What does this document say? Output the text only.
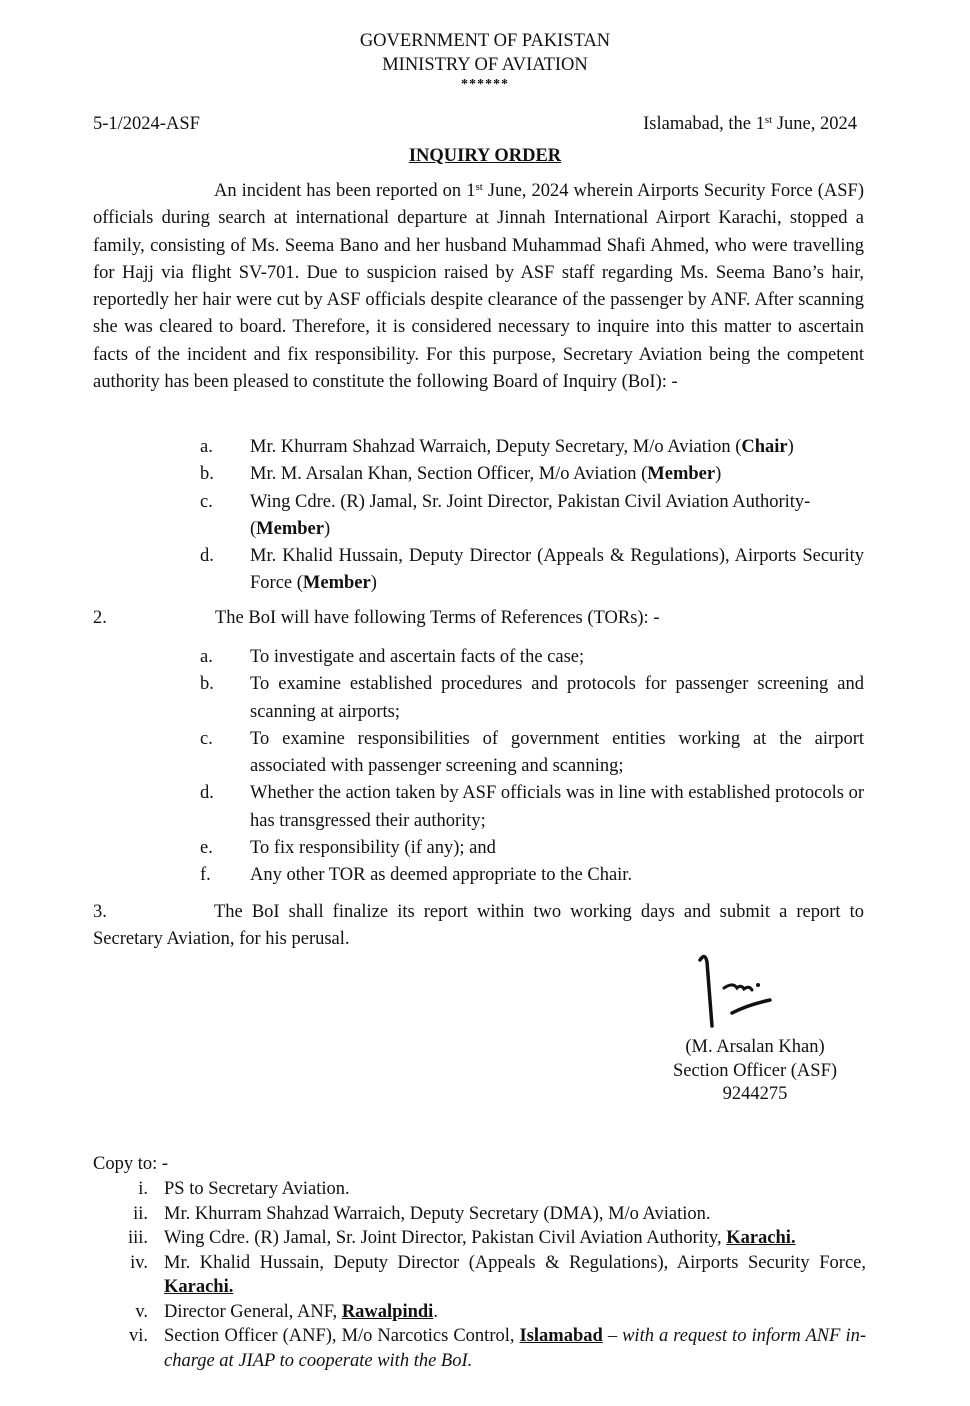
GOVERNMENT OF PAKISTAN
MINISTRY OF AVIATION
******
5-1/2024-ASF	Islamabad, the 1st June, 2024
INQUIRY ORDER
An incident has been reported on 1st June, 2024 wherein Airports Security Force (ASF) officials during search at international departure at Jinnah International Airport Karachi, stopped a family, consisting of Ms. Seema Bano and her husband Muhammad Shafi Ahmed, who were travelling for Hajj via flight SV-701. Due to suspicion raised by ASF staff regarding Ms. Seema Bano’s hair, reportedly her hair were cut by ASF officials despite clearance of the passenger by ANF. After scanning she was cleared to board. Therefore, it is considered necessary to inquire into this matter to ascertain facts of the incident and fix responsibility. For this purpose, Secretary Aviation being the competent authority has been pleased to constitute the following Board of Inquiry (BoI): -
a.	Mr. Khurram Shahzad Warraich, Deputy Secretary, M/o Aviation (Chair)
b.	Mr. M. Arsalan Khan, Section Officer, M/o Aviation (Member)
c.	Wing Cdre. (R) Jamal, Sr. Joint Director, Pakistan Civil Aviation Authority- (Member)
d.	Mr. Khalid Hussain, Deputy Director (Appeals & Regulations), Airports Security Force (Member)
2.	The BoI will have following Terms of References (TORs): -
a.	To investigate and ascertain facts of the case;
b.	To examine established procedures and protocols for passenger screening and scanning at airports;
c.	To examine responsibilities of government entities working at the airport associated with passenger screening and scanning;
d.	Whether the action taken by ASF officials was in line with established protocols or has transgressed their authority;
e.	To fix responsibility (if any); and
f.	Any other TOR as deemed appropriate to the Chair.
3.	The BoI shall finalize its report within two working days and submit a report to Secretary Aviation, for his perusal.
(M. Arsalan Khan)
Section Officer (ASF)
9244275
Copy to: -
i. PS to Secretary Aviation.
ii. Mr. Khurram Shahzad Warraich, Deputy Secretary (DMA), M/o Aviation.
iii. Wing Cdre. (R) Jamal, Sr. Joint Director, Pakistan Civil Aviation Authority, Karachi.
iv. Mr. Khalid Hussain, Deputy Director (Appeals & Regulations), Airports Security Force, Karachi.
v. Director General, ANF, Rawalpindi.
vi. Section Officer (ANF), M/o Narcotics Control, Islamabad – with a request to inform ANF in-charge at JIAP to cooperate with the BoI.
